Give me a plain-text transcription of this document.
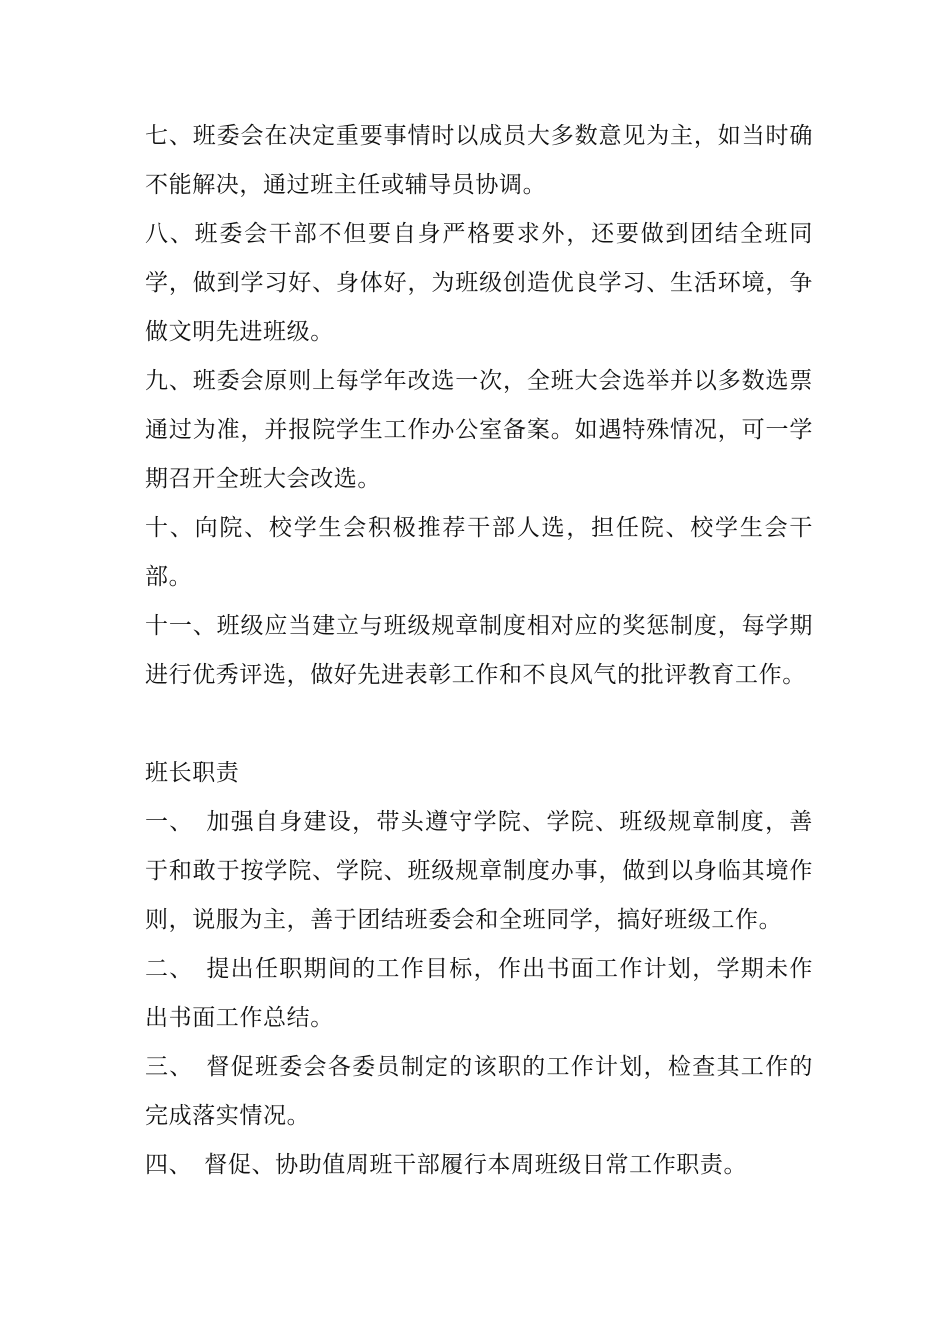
七、班委会在决定重要事情时以成员大多数意见为主，如当时确不能解决，通过班主任或辅导员协调。

八、班委会干部不但要自身严格要求外，还要做到团结全班同学，做到学习好、身体好，为班级创造优良学习、生活环境，争做文明先进班级。

九、班委会原则上每学年改选一次，全班大会选举并以多数选票通过为准，并报院学生工作办公室备案。如遇特殊情况，可一学期召开全班大会改选。

十、向院、校学生会积极推荐干部人选，担任院、校学生会干部。

十一、班级应当建立与班级规章制度相对应的奖惩制度，每学期进行优秀评选，做好先进表彰工作和不良风气的批评教育工作。

班长职责

一、　加强自身建设，带头遵守学院、学院、班级规章制度，善于和敢于按学院、学院、班级规章制度办事，做到以身临其境作则，说服为主，善于团结班委会和全班同学，搞好班级工作。

二、　提出任职期间的工作目标，作出书面工作计划，学期未作出书面工作总结。

三、　督促班委会各委员制定的该职的工作计划，检查其工作的完成落实情况。

四、　督促、协助值周班干部履行本周班级日常工作职责。
